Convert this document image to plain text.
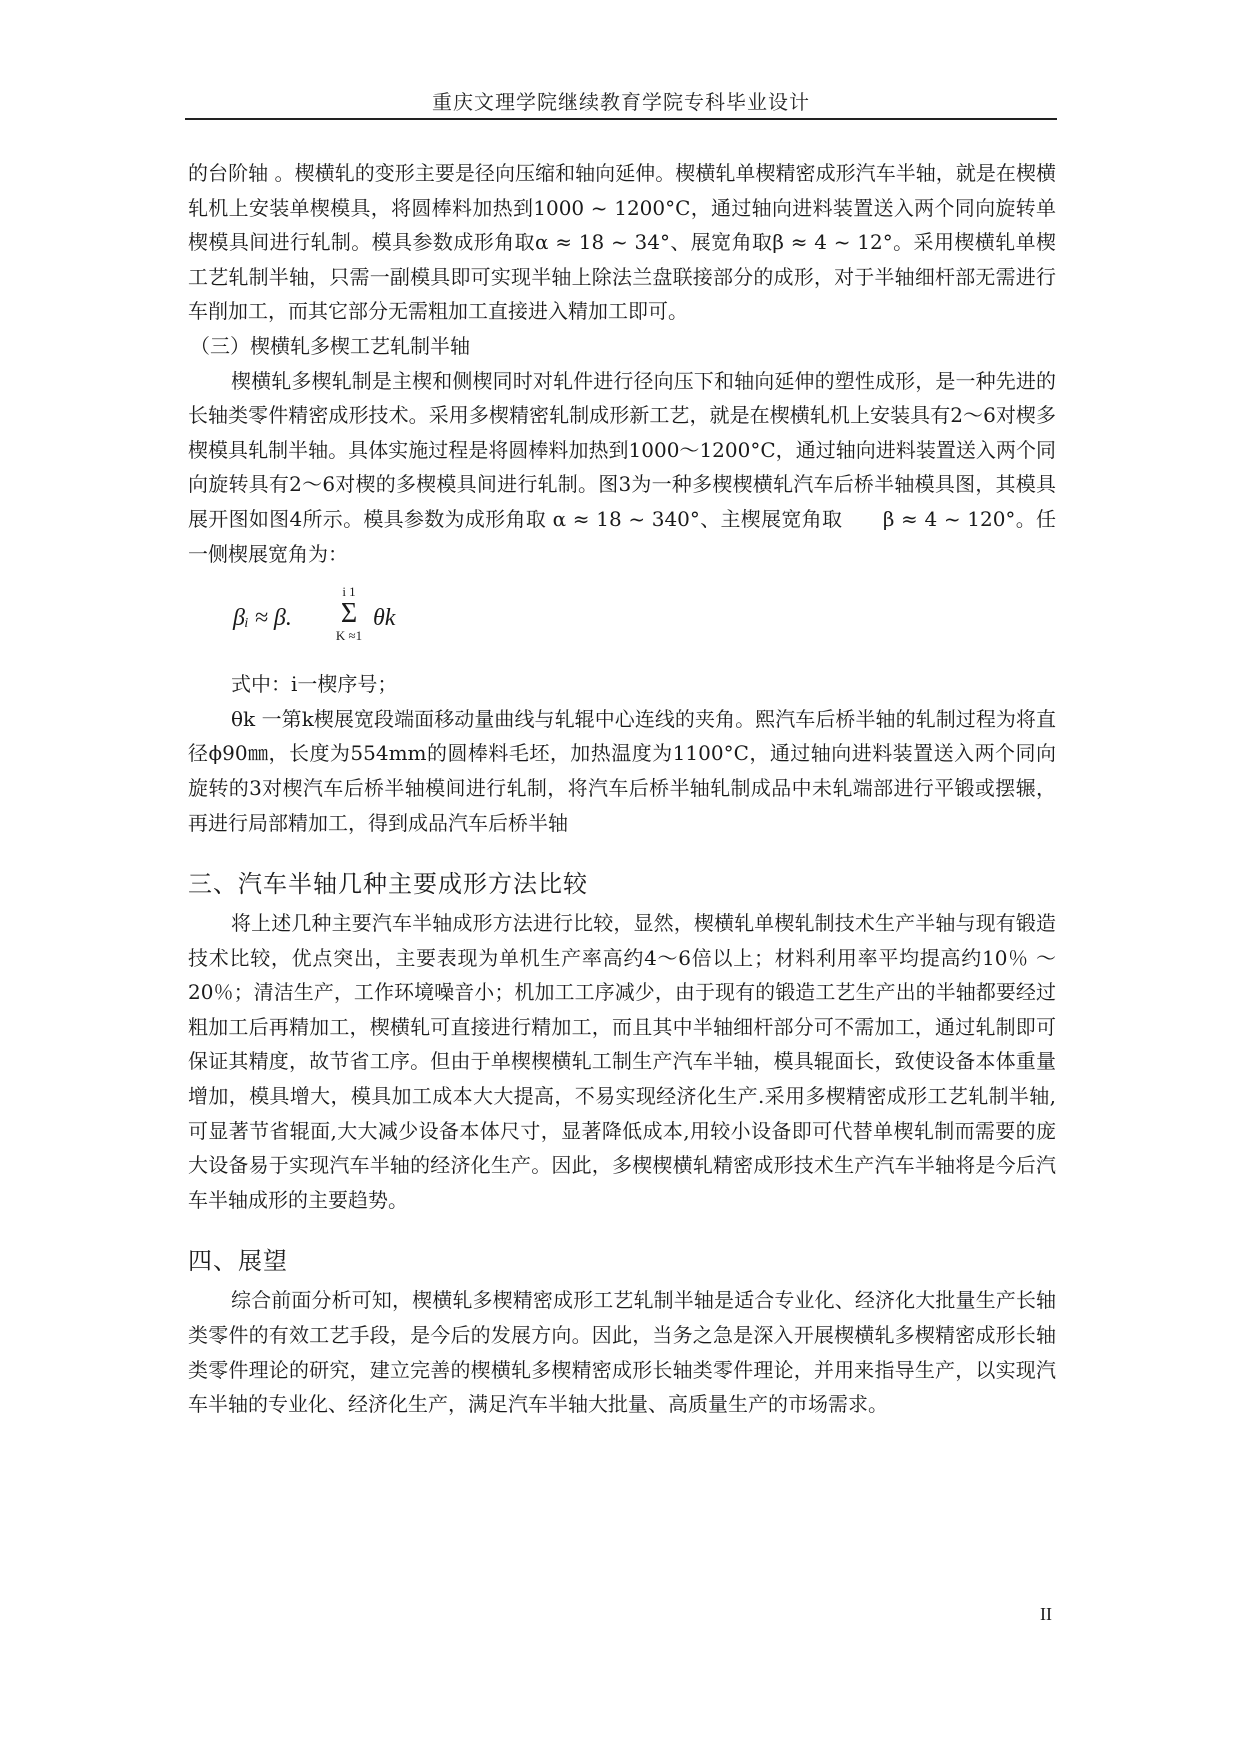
重庆文理学院继续教育学院专科毕业设计

的台阶轴 。楔横轧的变形主要是径向压缩和轴向延伸。楔横轧单楔精密成形汽车半轴，就是在楔横轧机上安装单楔模具，将圆棒料加热到1000 ~ 1200°C，通过轴向进料装置送入两个同向旋转单楔模具间进行轧制。模具参数成形角取α ≈ 18 ~ 34°、展宽角取β ≈ 4 ~ 12°。采用楔横轧单楔工艺轧制半轴，只需一副模具即可实现半轴上除法兰盘联接部分的成形，对于半轴细杆部无需进行车削加工，而其它部分无需粗加工直接进入精加工即可。

（三）楔横轧多楔工艺轧制半轴

楔横轧多楔轧制是主楔和侧楔同时对轧件进行径向压下和轴向延伸的塑性成形，是一种先进的长轴类零件精密成形技术。采用多楔精密轧制成形新工艺，就是在楔横轧机上安装具有2～6对楔多楔模具轧制半轴。具体实施过程是将圆棒料加热到1000～1200°C，通过轴向进料装置送入两个同向旋转具有2～6对楔的多楔模具间进行轧制。图3为一种多楔楔横轧汽车后桥半轴模具图，其模具展开图如图4所示。模具参数为成形角取 α ≈ 18 ~ 340°、主楔展宽角取　　β ≈ 4 ~ 120°。任一侧楔展宽角为：

βᵢ ≈ β.
i 1
Σ
K ≈1
θk

式中：i一楔序号；

θk 一第k楔展宽段端面移动量曲线与轧辊中心连线的夹角。熙汽车后桥半轴的轧制过程为将直径ϕ90㎜，长度为554mm的圆棒料毛坯，加热温度为1100°C，通过轴向进料装置送入两个同向旋转的3对楔汽车后桥半轴模间进行轧制，将汽车后桥半轴轧制成品中未轧端部进行平锻或摆辗，再进行局部精加工，得到成品汽车后桥半轴

三、汽车半轴几种主要成形方法比较

将上述几种主要汽车半轴成形方法进行比较，显然，楔横轧单楔轧制技术生产半轴与现有锻造技术比较，优点突出，主要表现为单机生产率高约4～6倍以上；材料利用率平均提高约10％ ～20％；清洁生产，工作环境噪音小；机加工工序减少，由于现有的锻造工艺生产出的半轴都要经过粗加工后再精加工，楔横轧可直接进行精加工，而且其中半轴细杆部分可不需加工，通过轧制即可保证其精度，故节省工序。但由于单楔楔横轧工制生产汽车半轴，模具辊面长，致使设备本体重量增加，模具增大，模具加工成本大大提高，不易实现经济化生产.采用多楔精密成形工艺轧制半轴,可显著节省辊面,大大减少设备本体尺寸，显著降低成本,用较小设备即可代替单楔轧制而需要的庞大设备易于实现汽车半轴的经济化生产。因此，多楔楔横轧精密成形技术生产汽车半轴将是今后汽车半轴成形的主要趋势。

四、展望

综合前面分析可知，楔横轧多楔精密成形工艺轧制半轴是适合专业化、经济化大批量生产长轴类零件的有效工艺手段，是今后的发展方向。因此，当务之急是深入开展楔横轧多楔精密成形长轴类零件理论的研究，建立完善的楔横轧多楔精密成形长轴类零件理论，并用来指导生产，以实现汽车半轴的专业化、经济化生产，满足汽车半轴大批量、高质量生产的市场需求。

II
